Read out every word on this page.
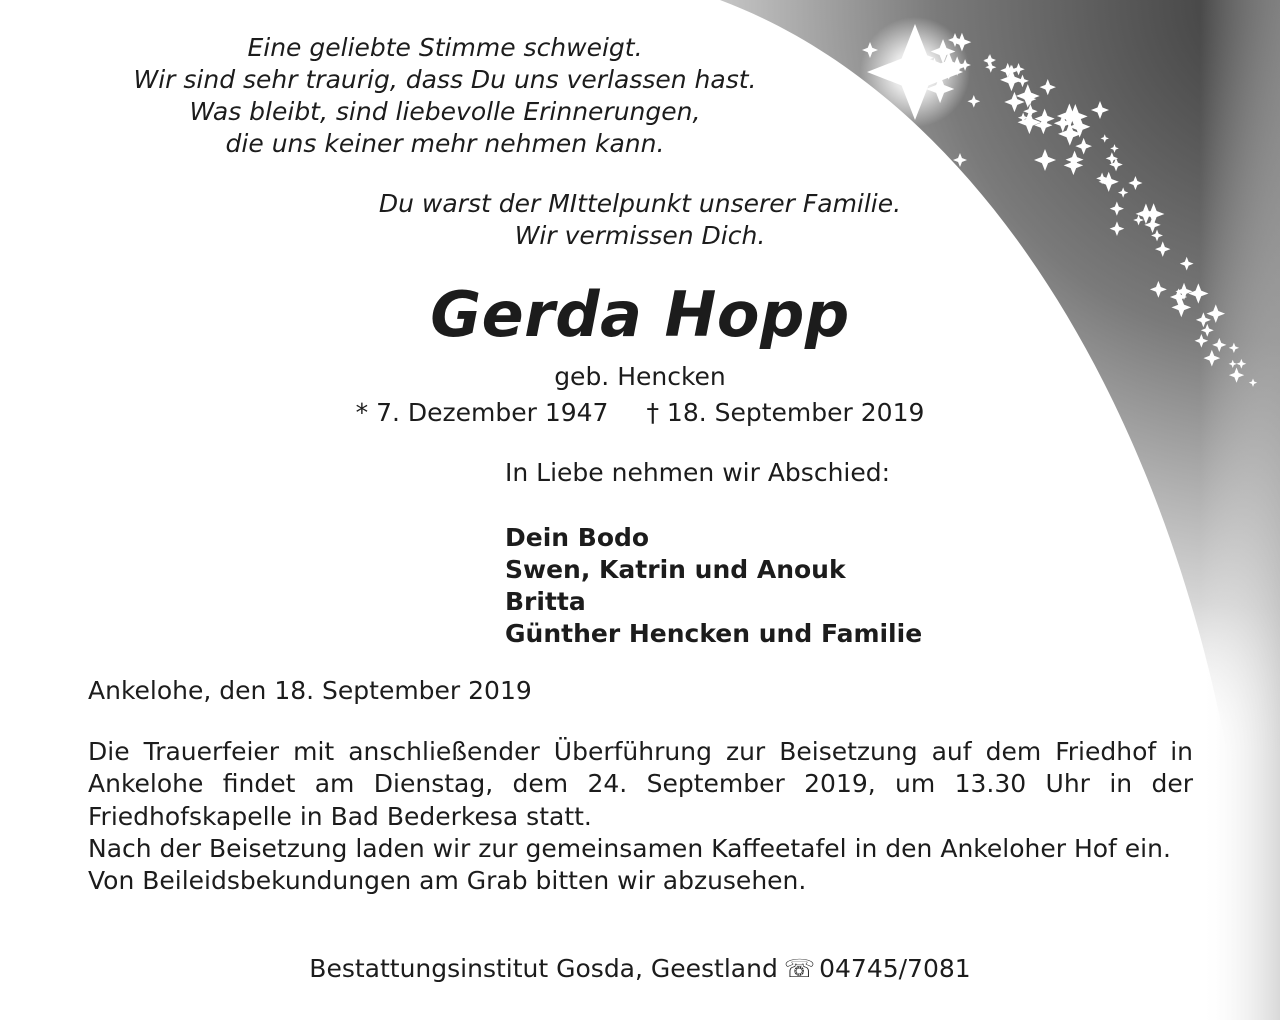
Eine geliebte Stimme schweigt.
Wir sind sehr traurig, dass Du uns verlassen hast.
Was bleibt, sind liebevolle Erinnerungen,
die uns keiner mehr nehmen kann.
Du warst der MIttelpunkt unserer Familie.
Wir vermissen Dich.
Gerda Hopp
geb. Hencken
* 7. Dezember 1947 † 18. September 2019
In Liebe nehmen wir Abschied:
Dein Bodo
Swen, Katrin und Anouk
Britta
Günther Hencken und Familie
Ankelohe, den 18. September 2019
Die Trauerfeier mit anschließender Überführung zur Beisetzung auf dem Friedhof in Ankelohe findet am Dienstag, dem 24. September 2019, um 13.30 Uhr in der Friedhofskapelle in Bad Bederkesa statt.
Nach der Beisetzung laden wir zur gemeinsamen Kaffeetafel in den Ankeloher Hof ein.
Von Beileidsbekundungen am Grab bitten wir abzusehen.
Bestattungsinstitut Gosda, Geestland ☏ 04745/7081
